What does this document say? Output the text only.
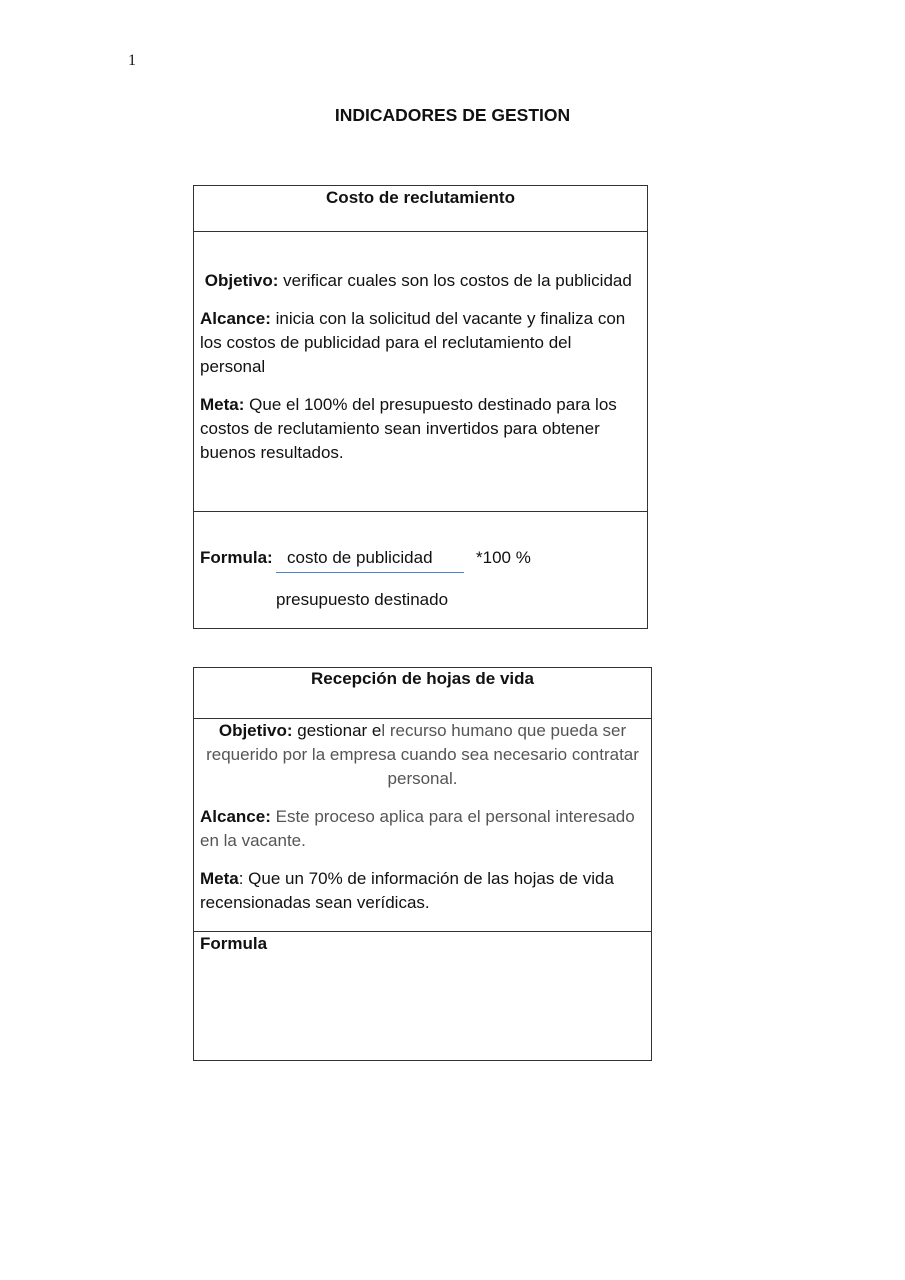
1
INDICADORES DE GESTION
Costo de reclutamiento
Objetivo: verificar cuales son los costos de la publicidad
Alcance: inicia con la solicitud del vacante y finaliza con los costos de publicidad para el reclutamiento del personal
Meta: Que el 100% del presupuesto destinado para los costos de reclutamiento sean invertidos para obtener buenos resultados.
Formula: costo de publicidad	*100 %
presupuesto destinado
Recepción de hojas de vida
Objetivo: gestionar el recurso humano que pueda ser requerido por la empresa cuando sea necesario contratar personal.
Alcance: Este proceso aplica para el personal interesado en la vacante.
Meta: Que un 70% de información de las hojas de vida recensionadas sean verídicas.
Formula
